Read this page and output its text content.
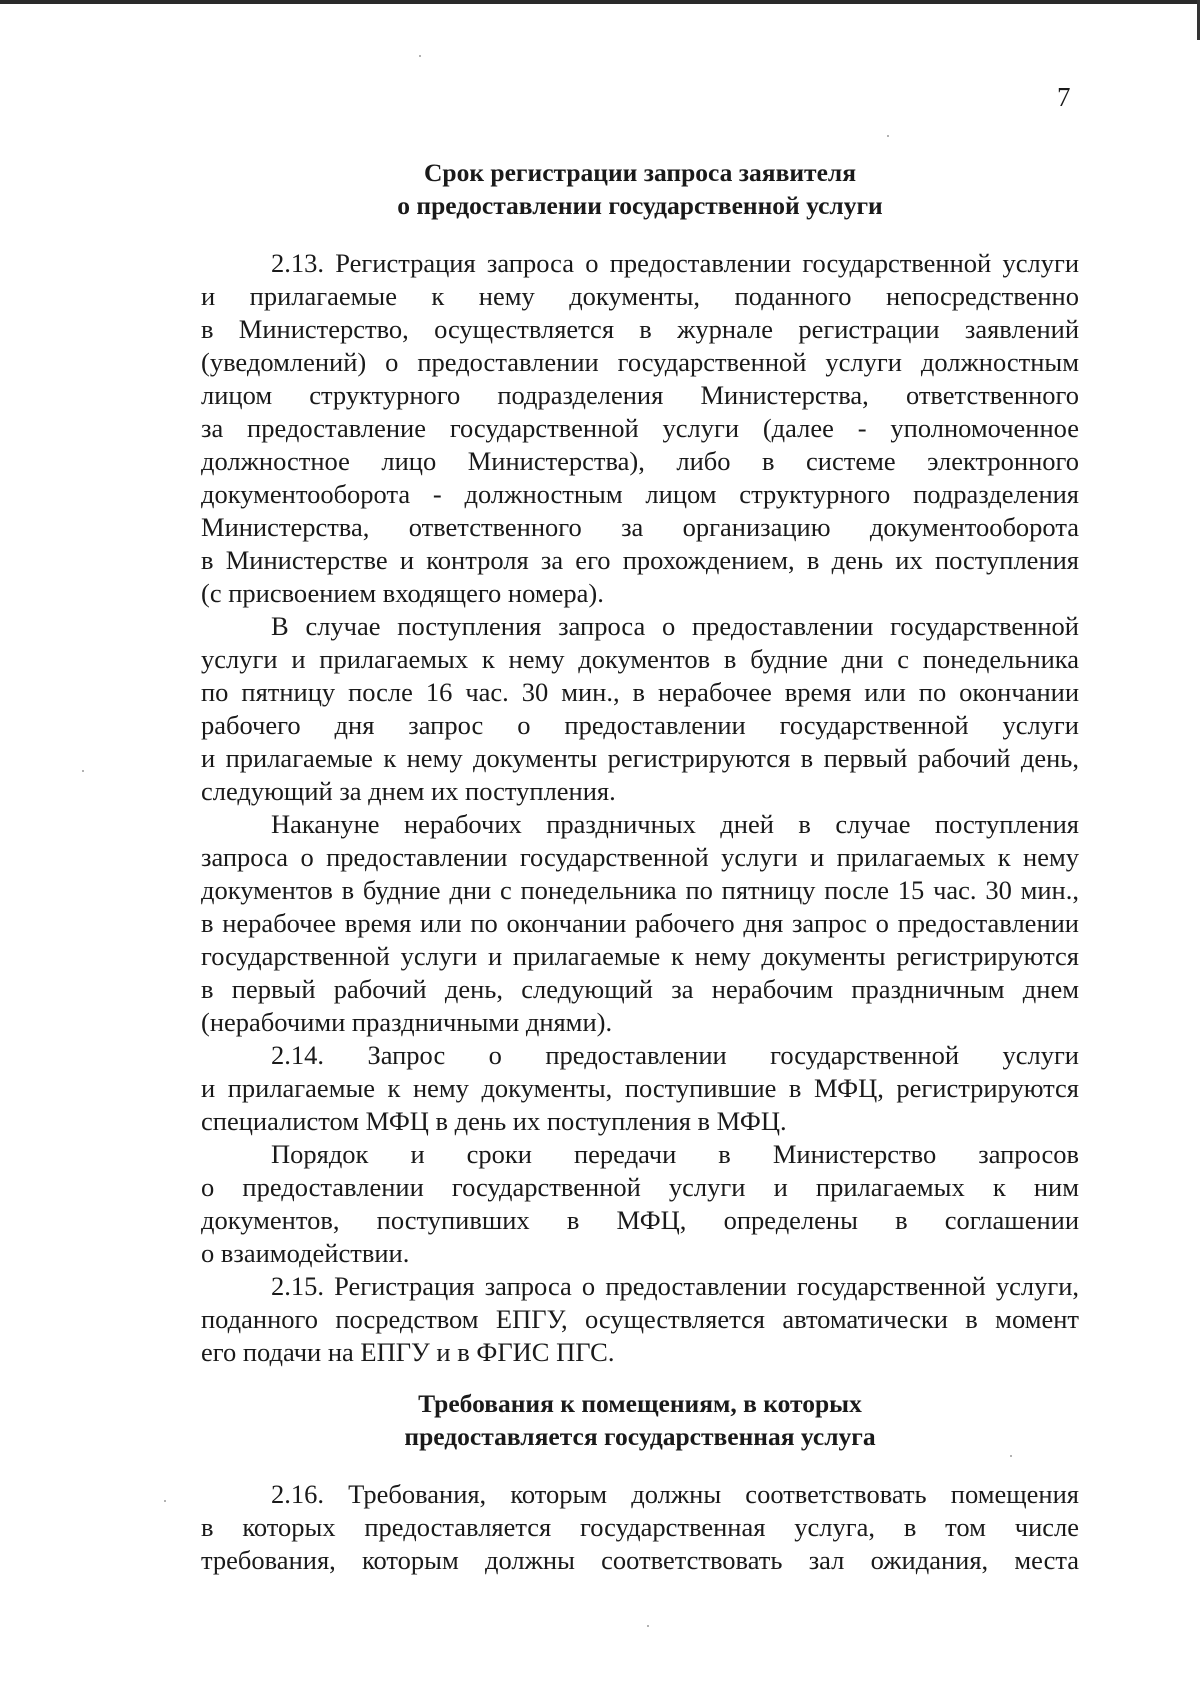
7
Срок регистрации запроса заявителя
о предоставлении государственной услуги
2.13. Регистрация запроса о предоставлении государственной услуги
и прилагаемые к нему документы, поданного непосредственно
в Министерство, осуществляется в журнале регистрации заявлений
(уведомлений) о предоставлении государственной услуги должностным
лицом структурного подразделения Министерства, ответственного
за предоставление государственной услуги (далее - уполномоченное
должностное лицо Министерства), либо в системе электронного
документооборота - должностным лицом структурного подразделения
Министерства, ответственного за организацию документооборота
в Министерстве и контроля за его прохождением, в день их поступления
(с присвоением входящего номера).
В случае поступления запроса о предоставлении государственной
услуги и прилагаемых к нему документов в будние дни с понедельника
по пятницу после 16 час. 30 мин., в нерабочее время или по окончании
рабочего дня запрос о предоставлении государственной услуги
и прилагаемые к нему документы регистрируются в первый рабочий день,
следующий за днем их поступления.
Накануне нерабочих праздничных дней в случае поступления
запроса о предоставлении государственной услуги и прилагаемых к нему
документов в будние дни с понедельника по пятницу после 15 час. 30 мин.,
в нерабочее время или по окончании рабочего дня запрос о предоставлении
государственной услуги и прилагаемые к нему документы регистрируются
в первый рабочий день, следующий за нерабочим праздничным днем
(нерабочими праздничными днями).
2.14. Запрос о предоставлении государственной услуги
и прилагаемые к нему документы, поступившие в МФЦ, регистрируются
специалистом МФЦ в день их поступления в МФЦ.
Порядок и сроки передачи в Министерство запросов
о предоставлении государственной услуги и прилагаемых к ним
документов, поступивших в МФЦ, определены в соглашении
о взаимодействии.
2.15. Регистрация запроса о предоставлении государственной услуги,
поданного посредством ЕПГУ, осуществляется автоматически в момент
его подачи на ЕПГУ и в ФГИС ПГС.
Требования к помещениям, в которых
предоставляется государственная услуга
2.16. Требования, которым должны соответствовать помещения
в которых предоставляется государственная услуга, в том числе
требования, которым должны соответствовать зал ожидания, места
